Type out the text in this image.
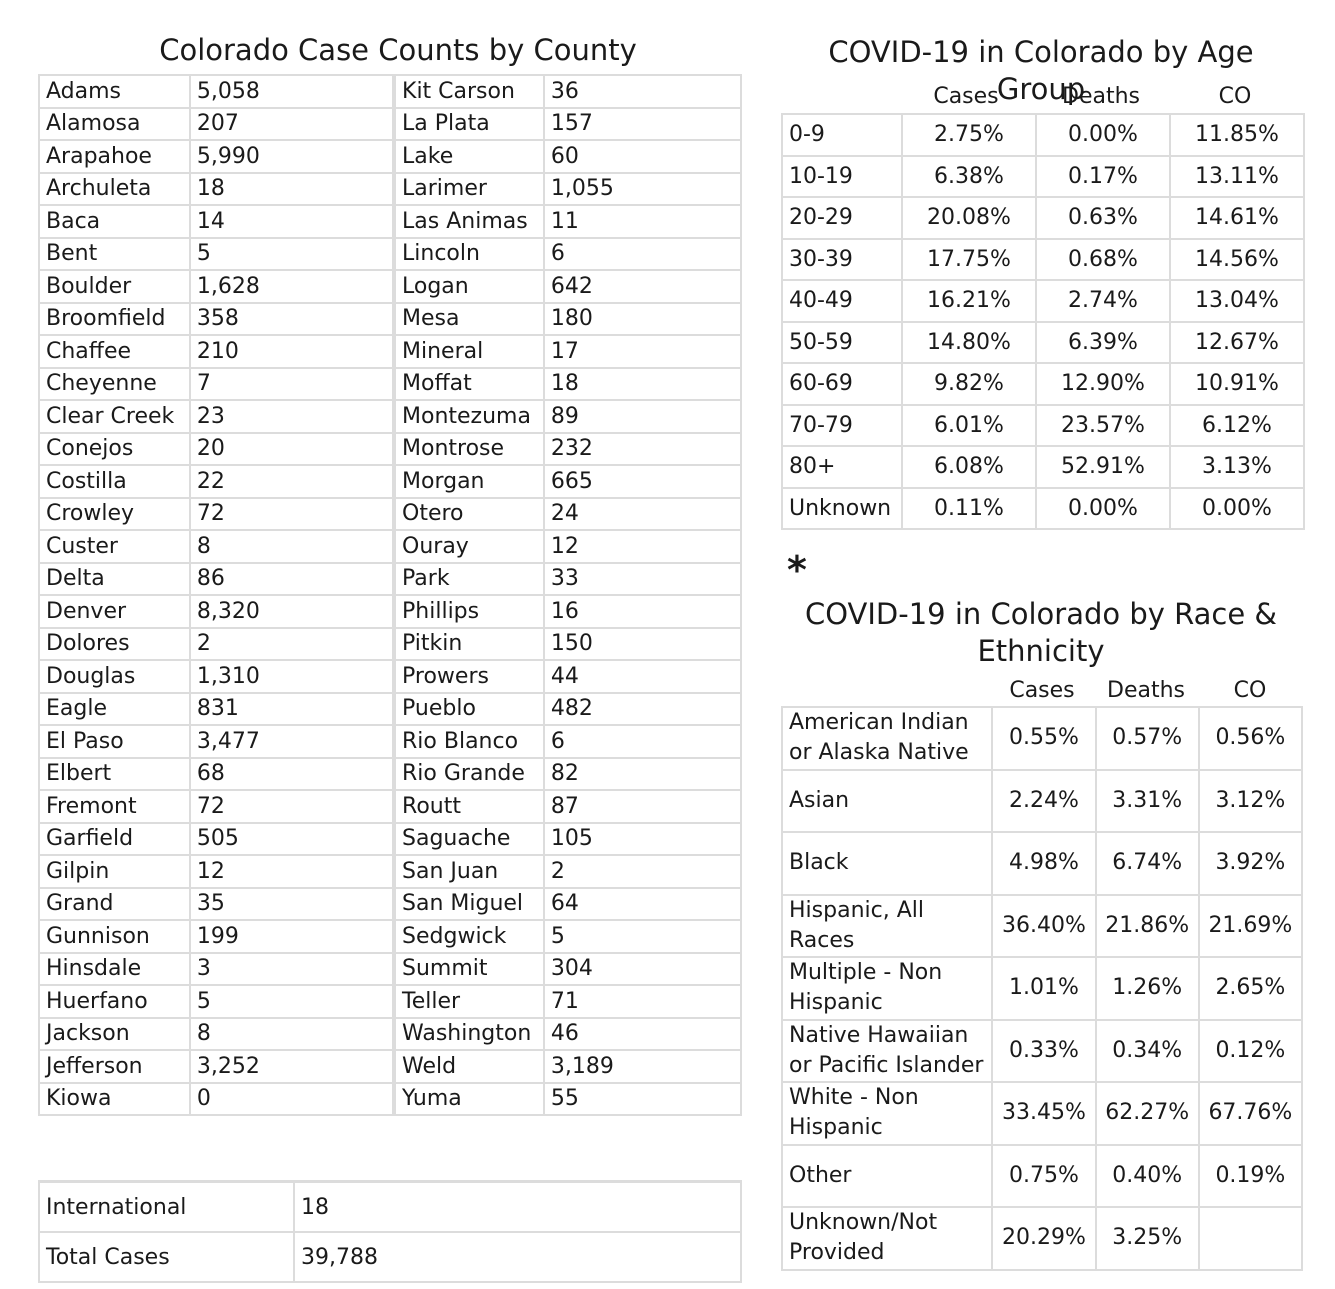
Colorado Case Counts by County
Adams	5,058	Kit Carson	36
Alamosa	207	La Plata	157
Arapahoe	5,990	Lake	60
Archuleta	18	Larimer	1,055
Baca	14	Las Animas	11
Bent	5	Lincoln	6
Boulder	1,628	Logan	642
Broomfield	358	Mesa	180
Chaffee	210	Mineral	17
Cheyenne	7	Moffat	18
Clear Creek	23	Montezuma	89
Conejos	20	Montrose	232
Costilla	22	Morgan	665
Crowley	72	Otero	24
Custer	8	Ouray	12
Delta	86	Park	33
Denver	8,320	Phillips	16
Dolores	2	Pitkin	150
Douglas	1,310	Prowers	44
Eagle	831	Pueblo	482
El Paso	3,477	Rio Blanco	6
Elbert	68	Rio Grande	82
Fremont	72	Routt	87
Garfield	505	Saguache	105
Gilpin	12	San Juan	2
Grand	35	San Miguel	64
Gunnison	199	Sedgwick	5
Hinsdale	3	Summit	304
Huerfano	5	Teller	71
Jackson	8	Washington	46
Jefferson	3,252	Weld	3,189
Kiowa	0	Yuma	55
International	18
Total Cases	39,788
COVID-19 in Colorado by Age Group
Cases	Deaths	CO
0-9	2.75%	0.00%	11.85%
10-19	6.38%	0.17%	13.11%
20-29	20.08%	0.63%	14.61%
30-39	17.75%	0.68%	14.56%
40-49	16.21%	2.74%	13.04%
50-59	14.80%	6.39%	12.67%
60-69	9.82%	12.90%	10.91%
70-79	6.01%	23.57%	6.12%
80+	6.08%	52.91%	3.13%
Unknown	0.11%	0.00%	0.00%
*
COVID-19 in Colorado by Race & Ethnicity
Cases	Deaths	CO
American Indian or Alaska Native	0.55%	0.57%	0.56%
Asian	2.24%	3.31%	3.12%
Black	4.98%	6.74%	3.92%
Hispanic, All Races	36.40%	21.86%	21.69%
Multiple - Non Hispanic	1.01%	1.26%	2.65%
Native Hawaiian or Pacific Islander	0.33%	0.34%	0.12%
White - Non Hispanic	33.45%	62.27%	67.76%
Other	0.75%	0.40%	0.19%
Unknown/Not Provided	20.29%	3.25%	
